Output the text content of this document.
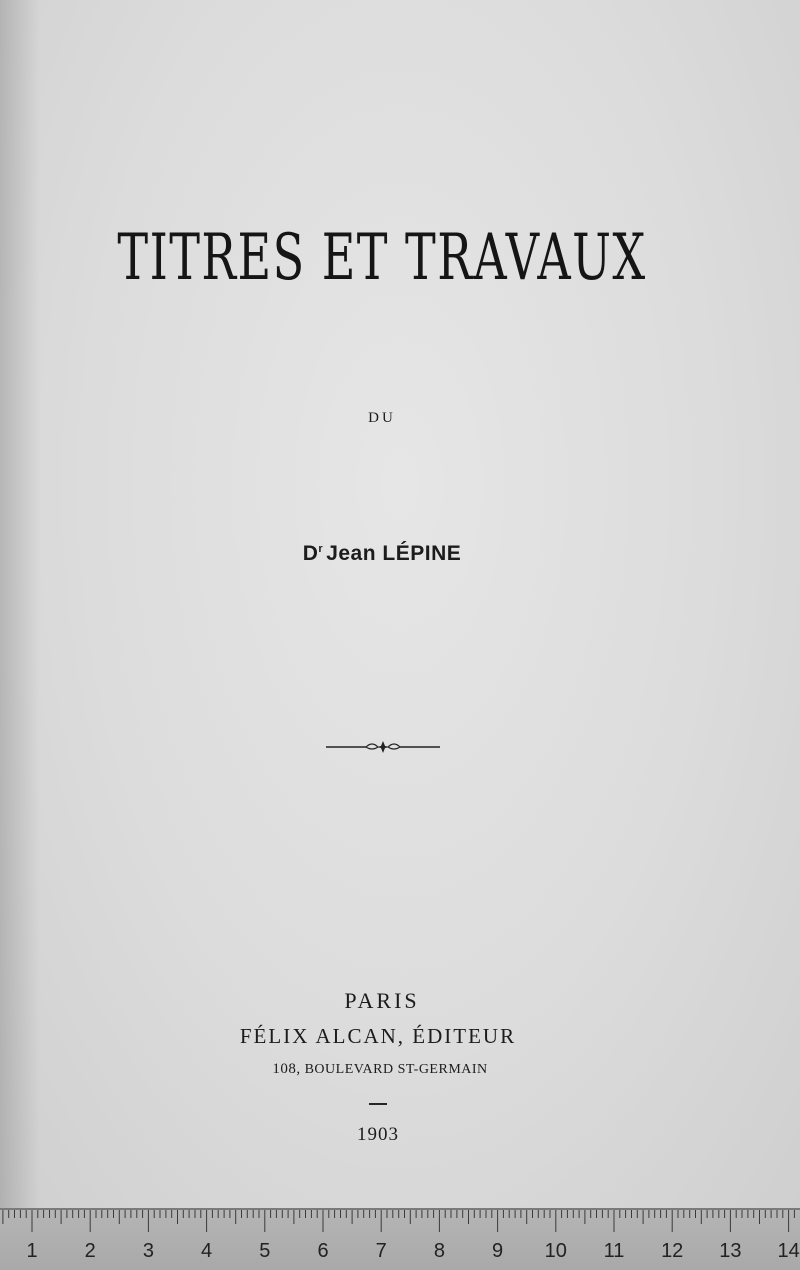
TITRES ET TRAVAUX
DU
$D^r$ Jean LÉPINE
PARIS
FÉLIX ALCAN, ÉDITEUR
108, BOULEVARD ST-GERMAIN
1903
1 2 3 4 5 6 7 8 9 10 11 12 13 14
